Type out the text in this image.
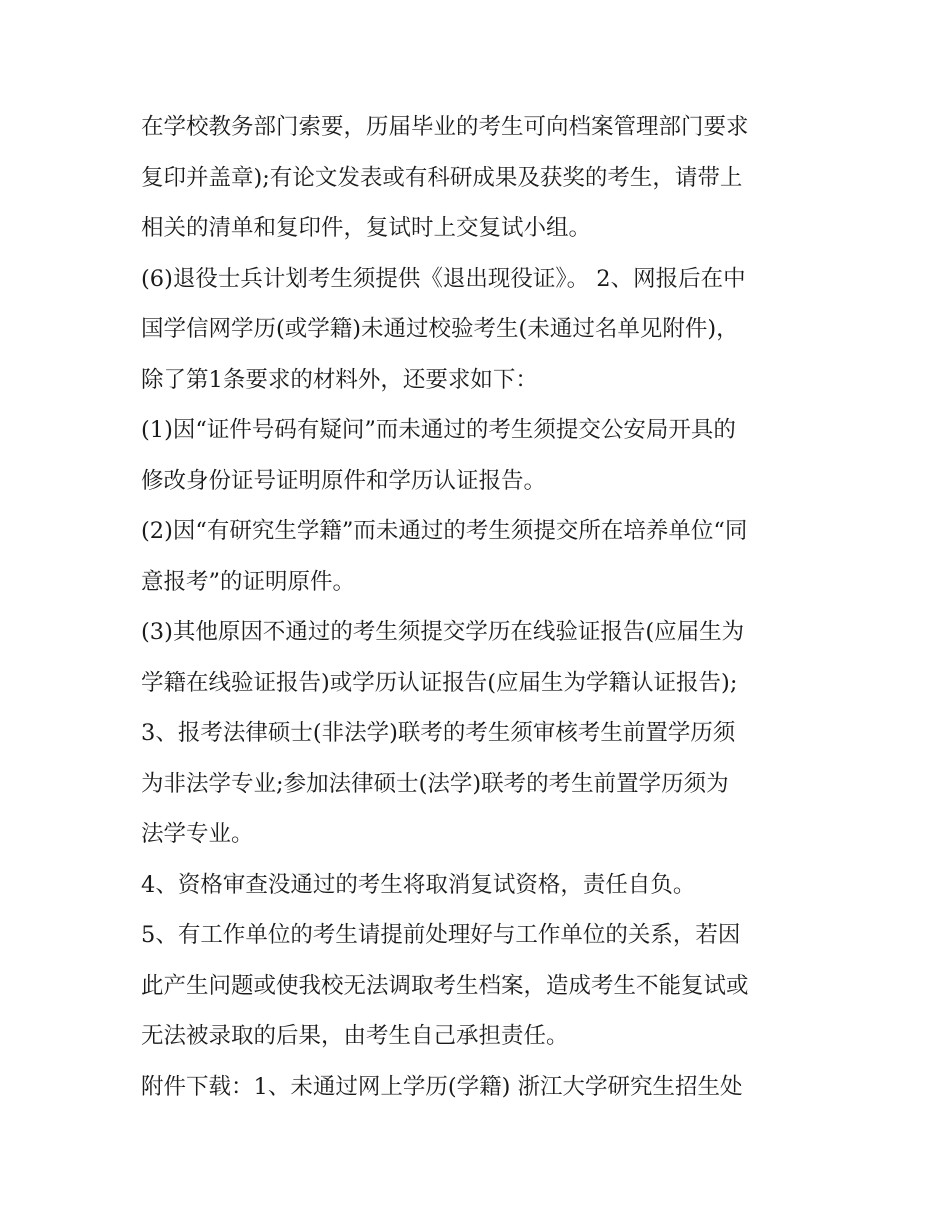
在学校教务部门索要，历届毕业的考生可向档案管理部门要求
复印并盖章);有论文发表或有科研成果及获奖的考生，请带上
相关的清单和复印件，复试时上交复试小组。
(6)退役士兵计划考生须提供《退出现役证》。 2、网报后在中
国学信网学历(或学籍)未通过校验考生(未通过名单见附件)，
除了第1条要求的材料外，还要求如下：
(1)因“证件号码有疑问”而未通过的考生须提交公安局开具的
修改身份证号证明原件和学历认证报告。
(2)因“有研究生学籍”而未通过的考生须提交所在培养单位“同
意报考”的证明原件。
(3)其他原因不通过的考生须提交学历在线验证报告(应届生为
学籍在线验证报告)或学历认证报告(应届生为学籍认证报告);
3、报考法律硕士(非法学)联考的考生须审核考生前置学历须
为非法学专业;参加法律硕士(法学)联考的考生前置学历须为
法学专业。
4、资格审查没通过的考生将取消复试资格，责任自负。
5、有工作单位的考生请提前处理好与工作单位的关系，若因
此产生问题或使我校无法调取考生档案，造成考生不能复试或
无法被录取的后果，由考生自己承担责任。
附件下载：1、未通过网上学历(学籍) 浙江大学研究生招生处
